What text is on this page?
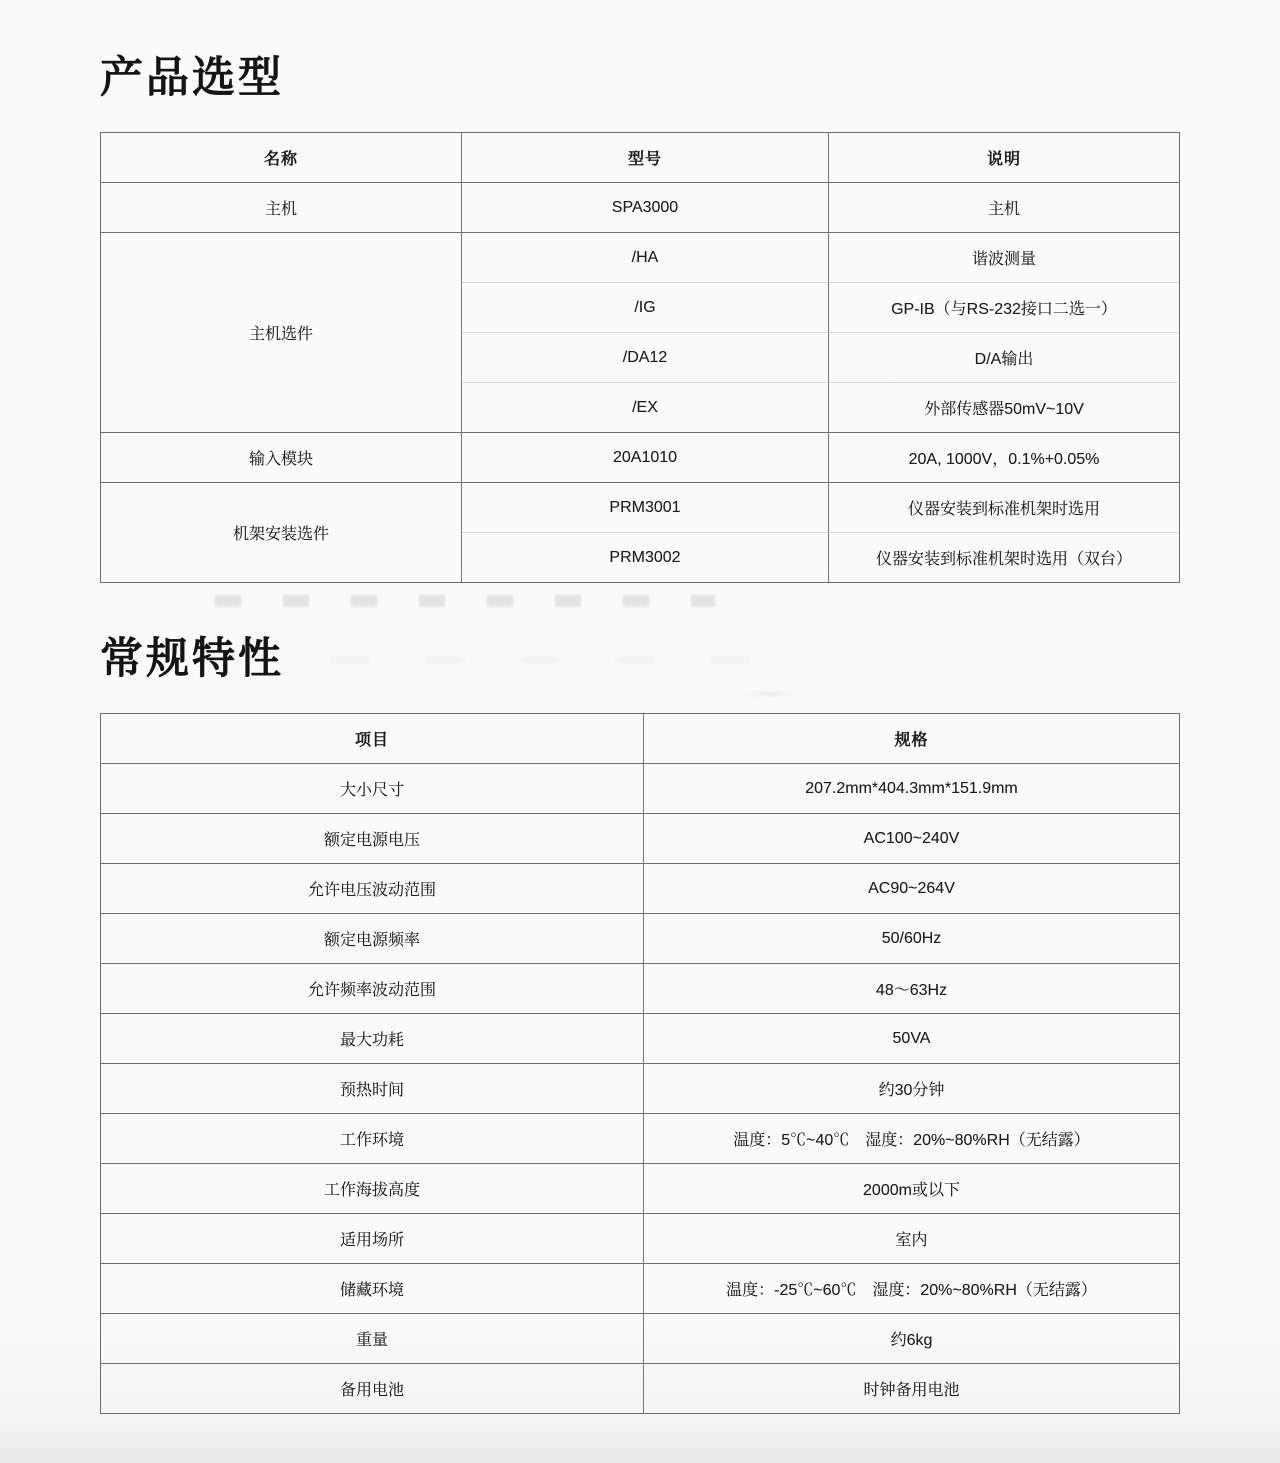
产品选型
名称	型号	说明
主机	SPA3000	主机
主机选件	/HA	谐波测量
	/IG	GP-IB（与RS-232接口二选一）
	/DA12	D/A输出
	/EX	外部传感器50mV~10V
输入模块	20A1010	20A, 1000V，0.1%+0.05%
机架安装选件	PRM3001	仪器安装到标准机架时选用
	PRM3002	仪器安装到标准机架时选用（双台）
常规特性
项目	规格
大小尺寸	207.2mm*404.3mm*151.9mm
额定电源电压	AC100~240V
允许电压波动范围	AC90~264V
额定电源频率	50/60Hz
允许频率波动范围	48～63Hz
最大功耗	50VA
预热时间	约30分钟
工作环境	温度：5℃~40℃　湿度：20%~80%RH（无结露）
工作海拔高度	2000m或以下
适用场所	室内
储藏环境	温度：-25℃~60℃　湿度：20%~80%RH（无结露）
重量	约6kg
备用电池	时钟备用电池
